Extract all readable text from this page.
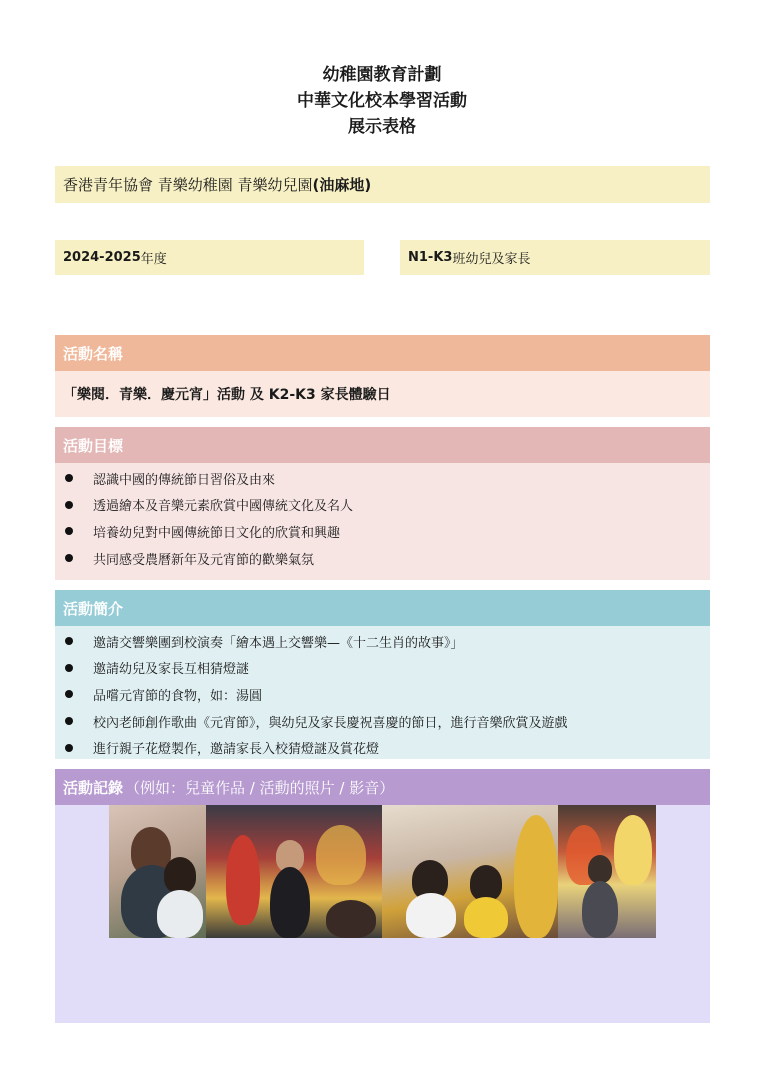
幼稚園教育計劃
中華文化校本學習活動
展示表格
香港青年協會 青樂幼稚園 青樂幼兒園 (油麻地)
2024-2025 年度	N1-K3 班幼兒及家長
活動名稱
「樂閱．青樂．慶元宵」活動 及 K2-K3 家長體驗日
活動目標
認識中國的傳統節日習俗及由來
透過繪本及音樂元素欣賞中國傳統文化及名人
培養幼兒對中國傳統節日文化的欣賞和興趣
共同感受農曆新年及元宵節的歡樂氣氛
活動簡介
邀請交響樂團到校演奏「繪本遇上交響樂—《十二生肖的故事》」
邀請幼兒及家長互相猜燈謎
品嚐元宵節的食物，如：湯圓
校內老師創作歌曲《元宵節》，與幼兒及家長慶祝喜慶的節日，進行音樂欣賞及遊戲
進行親子花燈製作，邀請家長入校猜燈謎及賞花燈
活動記錄 （例如：兒童作品 / 活動的照片 / 影音）
